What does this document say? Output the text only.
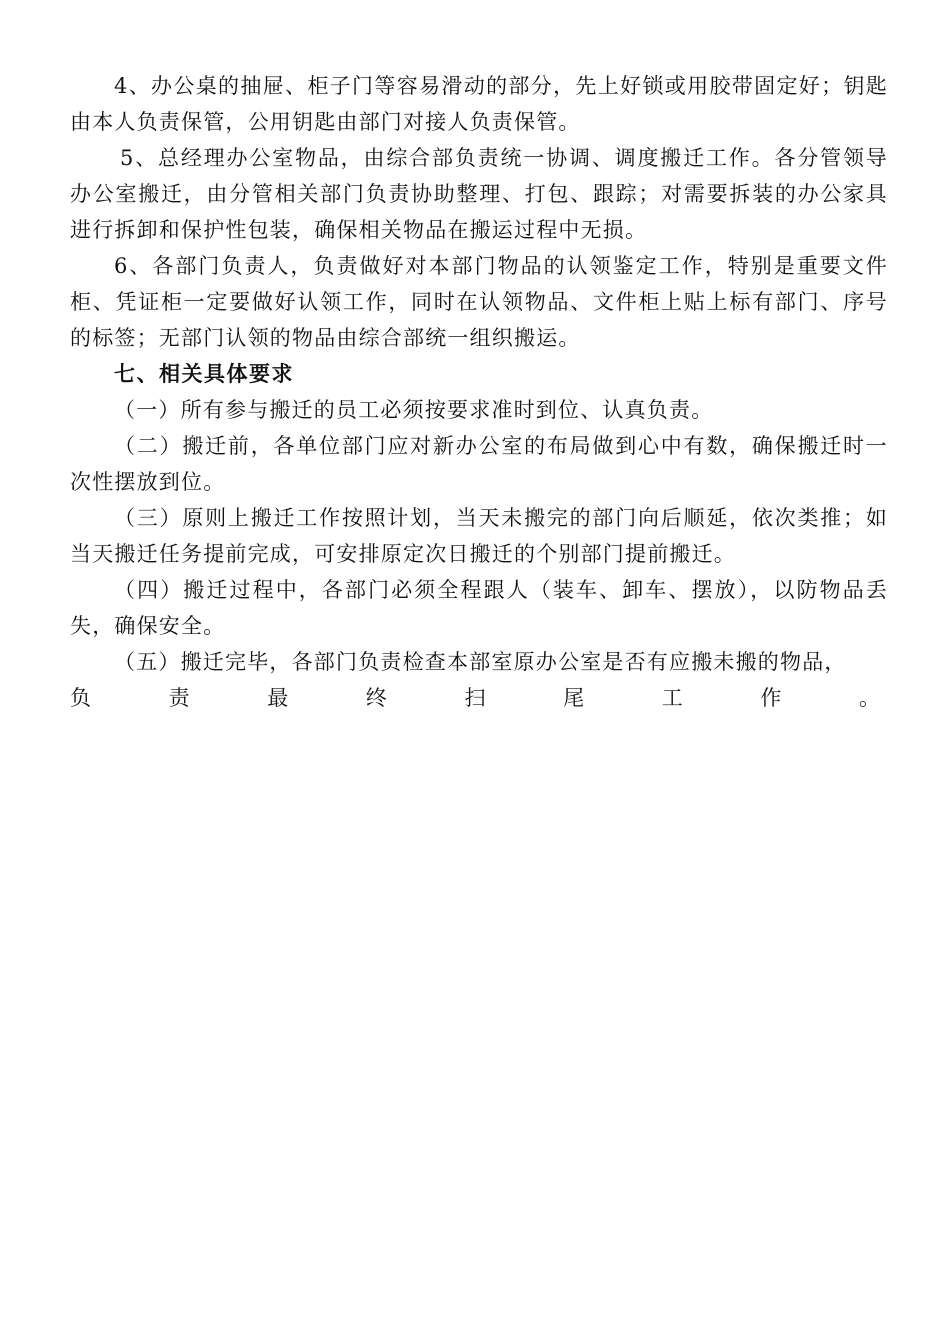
4、办公桌的抽屉、柜子门等容易滑动的部分，先上好锁或用胶带固定好；钥匙由本人负责保管，公用钥匙由部门对接人负责保管。

5、总经理办公室物品，由综合部负责统一协调、调度搬迁工作。各分管领导办公室搬迁，由分管相关部门负责协助整理、打包、跟踪；对需要拆装的办公家具进行拆卸和保护性包装，确保相关物品在搬运过程中无损。

6、各部门负责人，负责做好对本部门物品的认领鉴定工作，特别是重要文件柜、凭证柜一定要做好认领工作，同时在认领物品、文件柜上贴上标有部门、序号的标签；无部门认领的物品由综合部统一组织搬运。

七、相关具体要求

（一）所有参与搬迁的员工必须按要求准时到位、认真负责。

（二）搬迁前，各单位部门应对新办公室的布局做到心中有数，确保搬迁时一次性摆放到位。

（三）原则上搬迁工作按照计划，当天未搬完的部门向后顺延，依次类推；如当天搬迁任务提前完成，可安排原定次日搬迁的个别部门提前搬迁。

（四）搬迁过程中，各部门必须全程跟人（装车、卸车、摆放），以防物品丢失，确保安全。

（五）搬迁完毕，各部门负责检查本部室原办公室是否有应搬未搬的物品，

负	责	最	终	扫	尾	工	作	。
